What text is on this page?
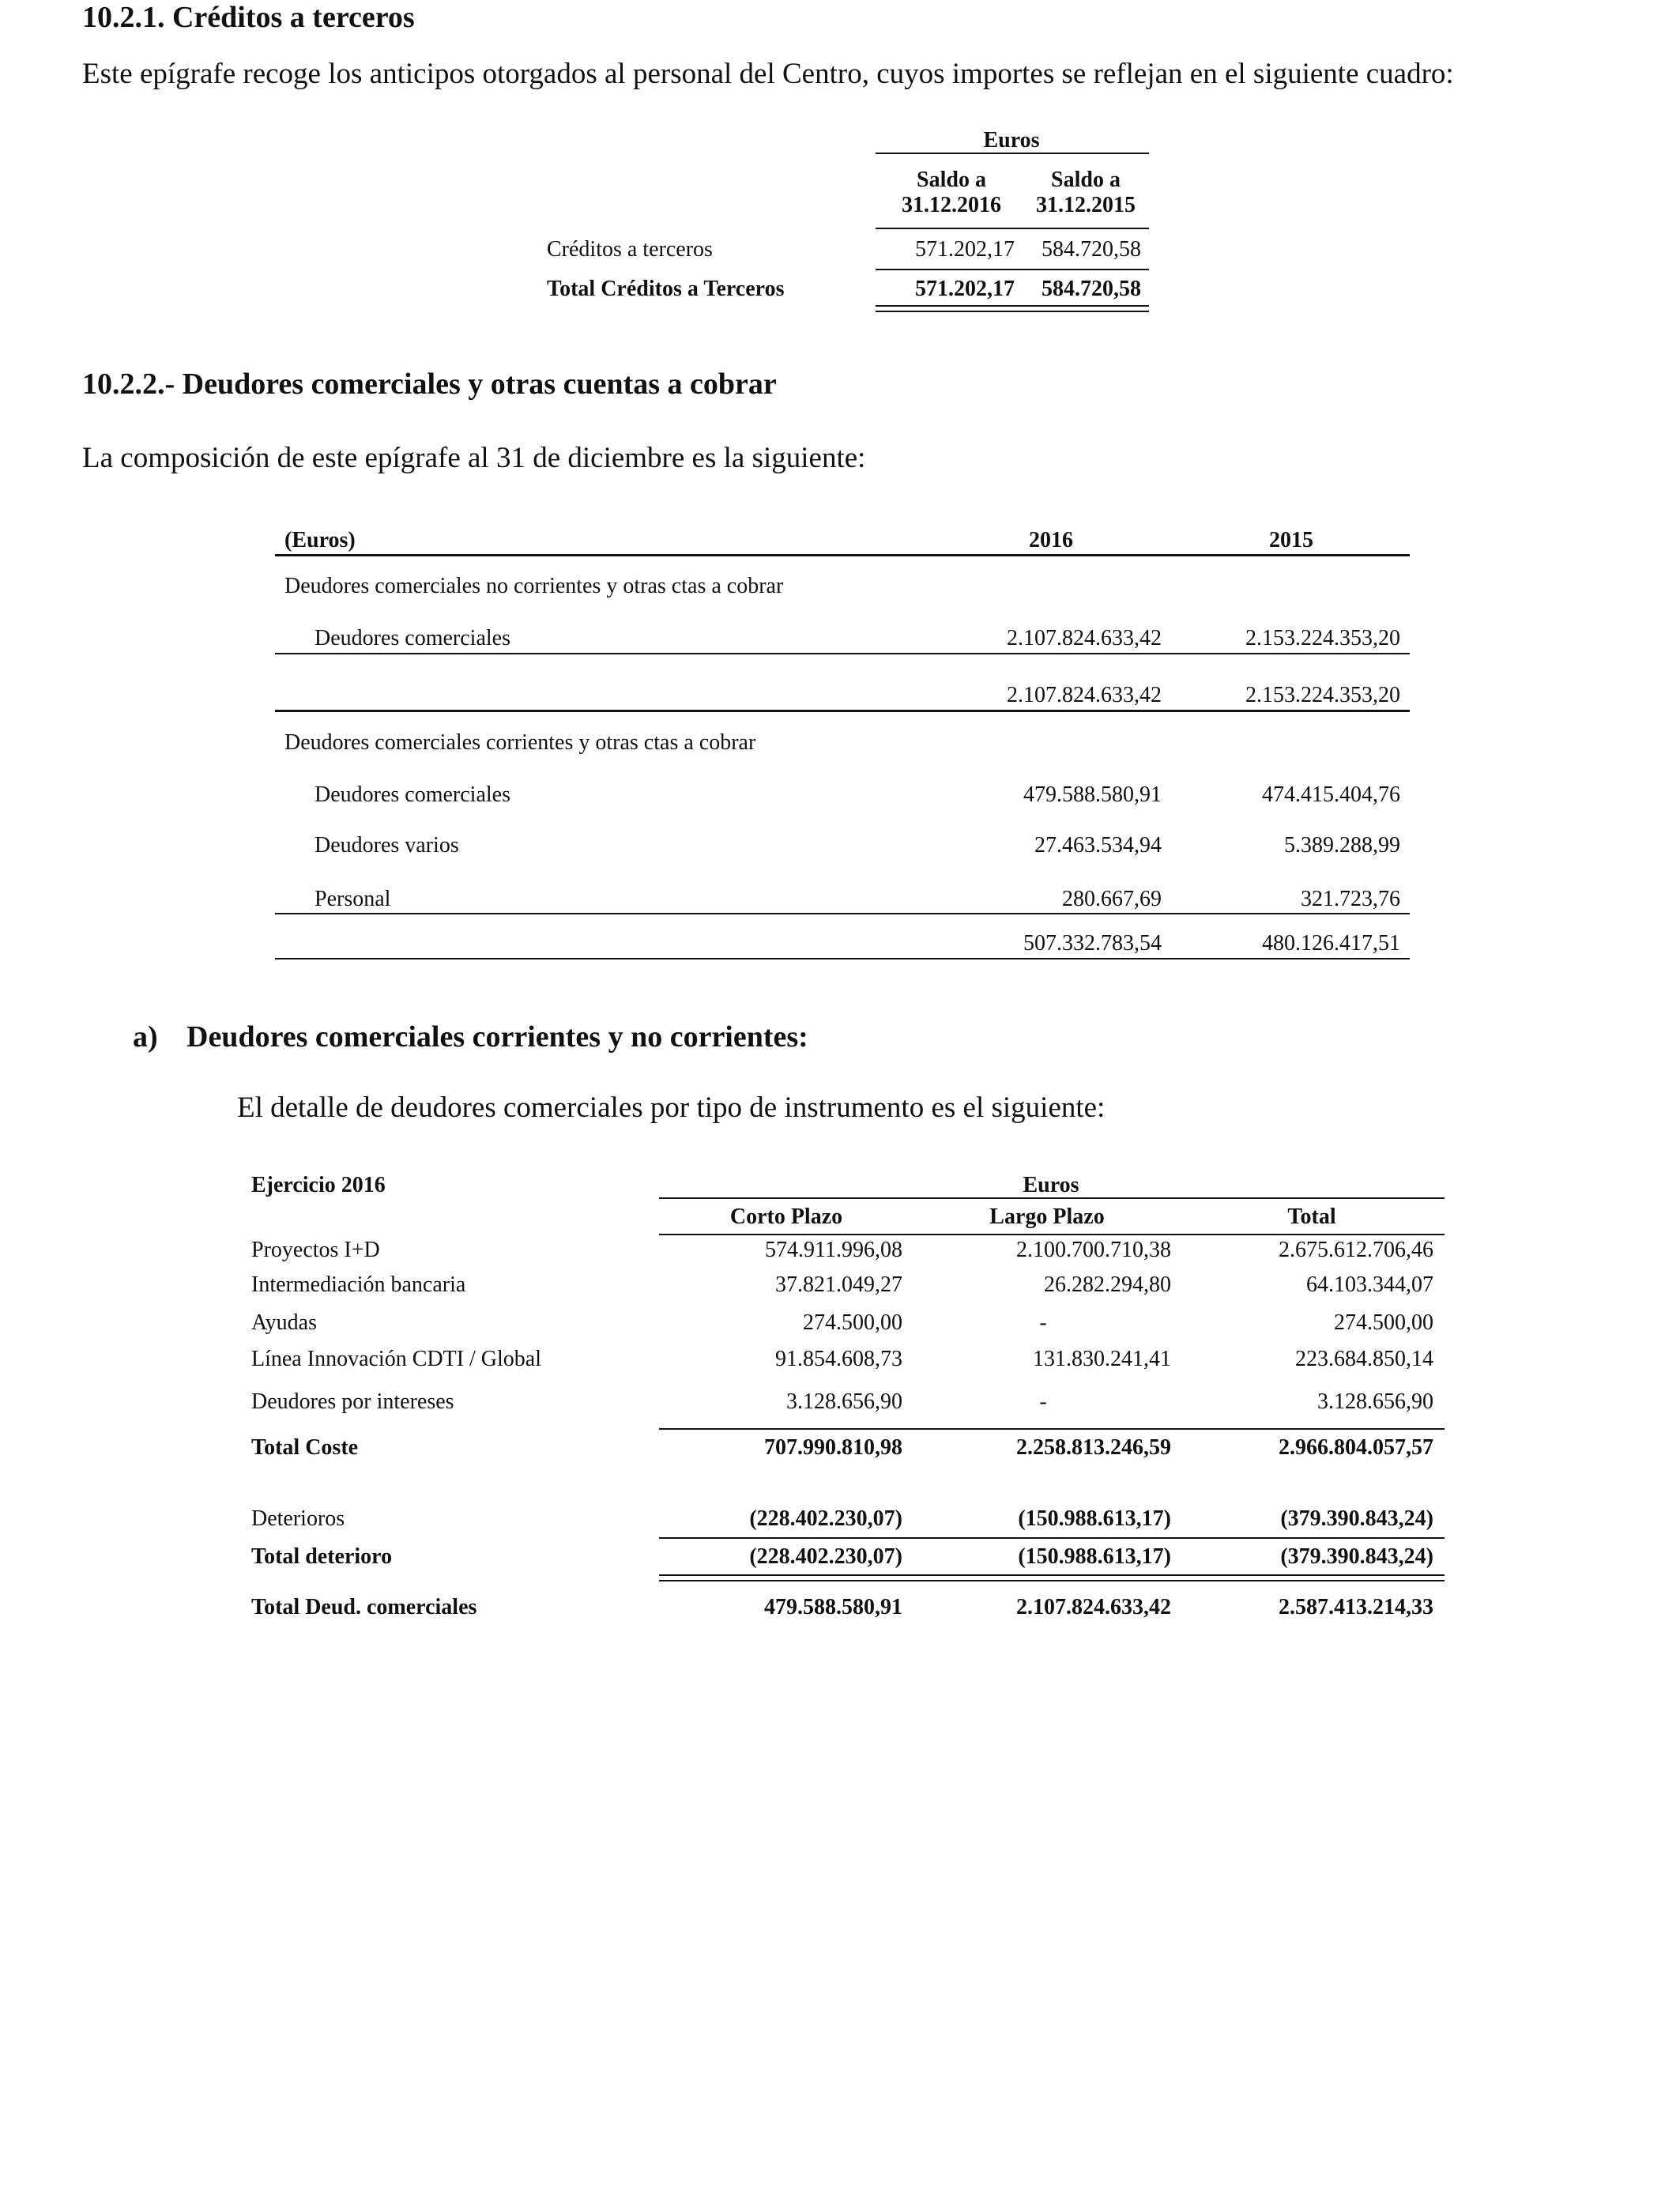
10.2.1. Créditos a terceros
Este epígrafe recoge los anticipos otorgados al personal del Centro, cuyos importes se reflejan en el siguiente cuadro:
Euros
Saldo a
31.12.2016
Saldo a
31.12.2015
Créditos a terceros	571.202,17	584.720,58
Total Créditos a Terceros	571.202,17	584.720,58
10.2.2.- Deudores comerciales y otras cuentas a cobrar
La composición de este epígrafe al 31 de diciembre es la siguiente:
(Euros)	2016	2015
Deudores comerciales no corrientes y otras ctas a cobrar
Deudores comerciales	2.107.824.633,42	2.153.224.353,20
2.107.824.633,42	2.153.224.353,20
Deudores comerciales corrientes y otras ctas a cobrar
Deudores comerciales	479.588.580,91	474.415.404,76
Deudores varios	27.463.534,94	5.389.288,99
Personal	280.667,69	321.723,76
507.332.783,54	480.126.417,51
a) Deudores comerciales corrientes y no corrientes:
El detalle de deudores comerciales por tipo de instrumento es el siguiente:
Ejercicio 2016	Euros
Corto Plazo	Largo Plazo	Total
Proyectos I+D	574.911.996,08	2.100.700.710,38	2.675.612.706,46
Intermediación bancaria	37.821.049,27	26.282.294,80	64.103.344,07
Ayudas	274.500,00	-	274.500,00
Línea Innovación CDTI / Global	91.854.608,73	131.830.241,41	223.684.850,14
Deudores por intereses	3.128.656,90	-	3.128.656,90
Total Coste	707.990.810,98	2.258.813.246,59	2.966.804.057,57
Deterioros	(228.402.230,07)	(150.988.613,17)	(379.390.843,24)
Total deterioro	(228.402.230,07)	(150.988.613,17)	(379.390.843,24)
Total Deud. comerciales	479.588.580,91	2.107.824.633,42	2.587.413.214,33
